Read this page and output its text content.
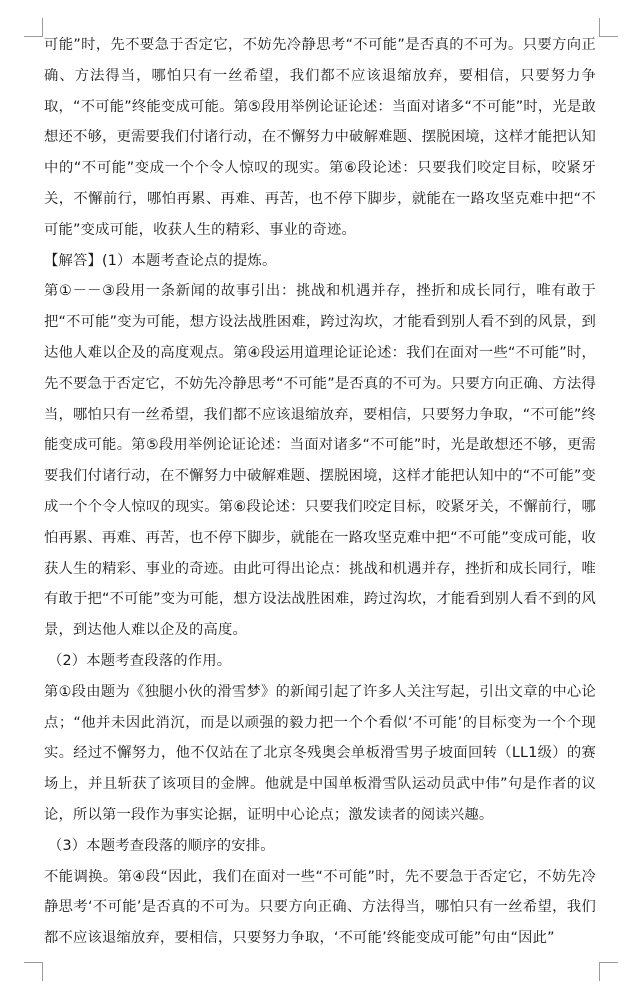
可能”时，先不要急于否定它，不妨先冷静思考“不可能”是否真的不可为。只要方向正确、方法得当，哪怕只有一丝希望，我们都不应该退缩放弃，要相信，只要努力争取，“不可能”终能变成可能。第⑤段用举例论证论述：当面对诸多“不可能”时，光是敢想还不够，更需要我们付诸行动，在不懈努力中破解难题、摆脱困境，这样才能把认知中的“不可能”变成一个个令人惊叹的现实。第⑥段论述：只要我们咬定目标，咬紧牙关，不懈前行，哪怕再累、再难、再苦，也不停下脚步，就能在一路攻坚克难中把“不可能”变成可能，收获人生的精彩、事业的奇迹。

【解答】(1）本题考查论点的提炼。

第①－－③段用一条新闻的故事引出：挑战和机遇并存，挫折和成长同行，唯有敢于把“不可能”变为可能，想方设法战胜困难，跨过沟坎，才能看到别人看不到的风景，到达他人难以企及的高度观点。第④段运用道理论证论述：我们在面对一些“不可能”时，先不要急于否定它，不妨先冷静思考“不可能”是否真的不可为。只要方向正确、方法得当，哪怕只有一丝希望，我们都不应该退缩放弃，要相信，只要努力争取，“不可能”终能变成可能。第⑤段用举例论证论述：当面对诸多“不可能”时，光是敢想还不够，更需要我们付诸行动，在不懈努力中破解难题、摆脱困境，这样才能把认知中的“不可能”变成一个个令人惊叹的现实。第⑥段论述：只要我们咬定目标，咬紧牙关，不懈前行，哪怕再累、再难、再苦，也不停下脚步，就能在一路攻坚克难中把“不可能”变成可能，收获人生的精彩、事业的奇迹。由此可得出论点：挑战和机遇并存，挫折和成长同行，唯有敢于把“不可能”变为可能，想方设法战胜困难，跨过沟坎，才能看到别人看不到的风景，到达他人难以企及的高度。

（2）本题考查段落的作用。

第①段由题为《独腿小伙的滑雪梦》的新闻引起了许多人关注写起，引出文章的中心论点；“他并未因此消沉，而是以顽强的毅力把一个个看似‘不可能’的目标变为一个个现实。经过不懈努力，他不仅站在了北京冬残奥会单板滑雪男子坡面回转（LL1级）的赛场上，并且斩获了该项目的金牌。他就是中国单板滑雪队运动员武中伟”句是作者的议论，所以第一段作为事实论据，证明中心论点；激发读者的阅读兴趣。

（3）本题考查段落的顺序的安排。

不能调换。第④段“因此，我们在面对一些“不可能”时，先不要急于否定它，不妨先冷静思考‘不可能’是否真的不可为。只要方向正确、方法得当，哪怕只有一丝希望，我们都不应该退缩放弃，要相信，只要努力争取，‘不可能’终能变成可能”句由“因此”
